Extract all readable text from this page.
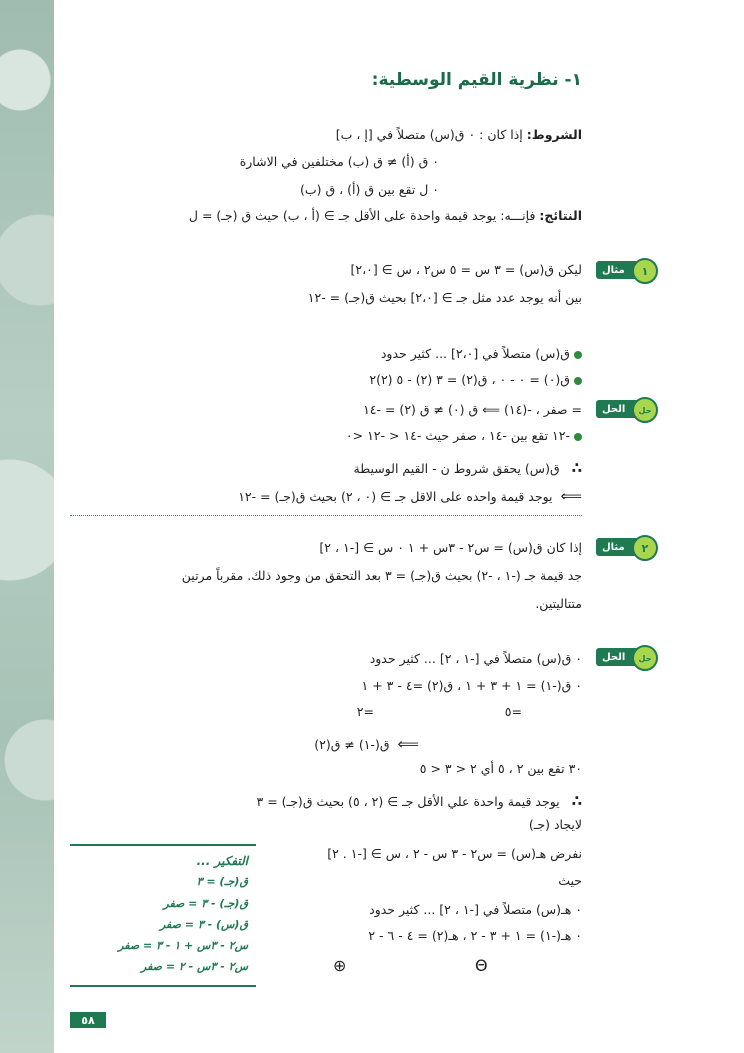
١- نظرية القيم الوسطية:
الشروط: إذا كان : ٠ ق(س) متصلاً في [إ ، ب]
٠ ق (أ) ≠ ق (ب) مختلفين في الاشارة
٠ ل تقع بين ق (أ) ، ق (ب)
النتائج: فإنـــه: يوجد قيمة واحدة على الأقل جـ ∋ (أ ، ب) حيث ق (جـ) = ل
مثال	١
ليكن ق(س) = ٣ س = ٥ س٢ ، س ∋ [٢،٠]
بين أنه يوجد عدد مثل جـ ∋ [٢،٠] بحيث ق(جـ) = -١٢
ق(س) متصلاً في [٢،٠] ... كثير حدود
ق(٠) = ٠ - ٠ ، ق(٢) = ٣ (٢) - ٥ (٢)٢
الحل	حل
= صفر ، -(١٤) ⟸ ق (٠) ≠ ق (٢) = -١٤
-١٢ تقع بين -١٤ ، صفر حيث -١٤ < -١٢ <٠
∴   ق(س) يحقق شروط ن - القيم الوسيطة
⟸  يوجد قيمة واحده على الاقل جـ ∋ (٠ ، ٢) بحيث ق(جـ) = -١٢
مثال	٢
إذا كان ق(س) = س٢ - ٣س + ١ ٠ س ∋ [-١ ، ٢]
جد قيمة جـ (-١ ، -٢) بحيث ق(جـ) = ٣ بعد التحقق من وجود ذلك. مقرباً مرتين
متتاليتين.
الحل	حل
٠ ق(س) متصلاً في [-١ ، ٢] ... كثير حدود
٠ ق(-١) = ١ + ٣ + ١ ، ق(٢) =٤ - ٣ + ١
=٥
=٢
⟸  ق(-١) ≠ ق(٢)
٣٠ تقع بين ٢ ، ٥ أي ٢ < ٣ < ٥
∴   يوجد قيمة واحدة علي الأقل جـ ∋ (٢ ، ٥) بحيث ق(جـ) = ٣
لايجاد (جـ)
نفرض هـ(س) = س٢ - ٣ س - ٢ ، س ∋ [-١ . ٢]
حيث
٠ هـ(س) متصلاً في [-١ ، ٢] ... كثير حدود
٠ هـ(-١) = ١ + ٣ - ٢ ، هـ(٢) = ٤ - ٦ - ٢
⊕	Θ
التفكير ...
ق(جـ) = ٣
ق(جـ) - ٣ = صفر
ق(س) - ٣ = صفر
س٢ - ٣س + ١ - ٣ = صفر
س٢ - ٣س - ٢ = صفر
٥٨
